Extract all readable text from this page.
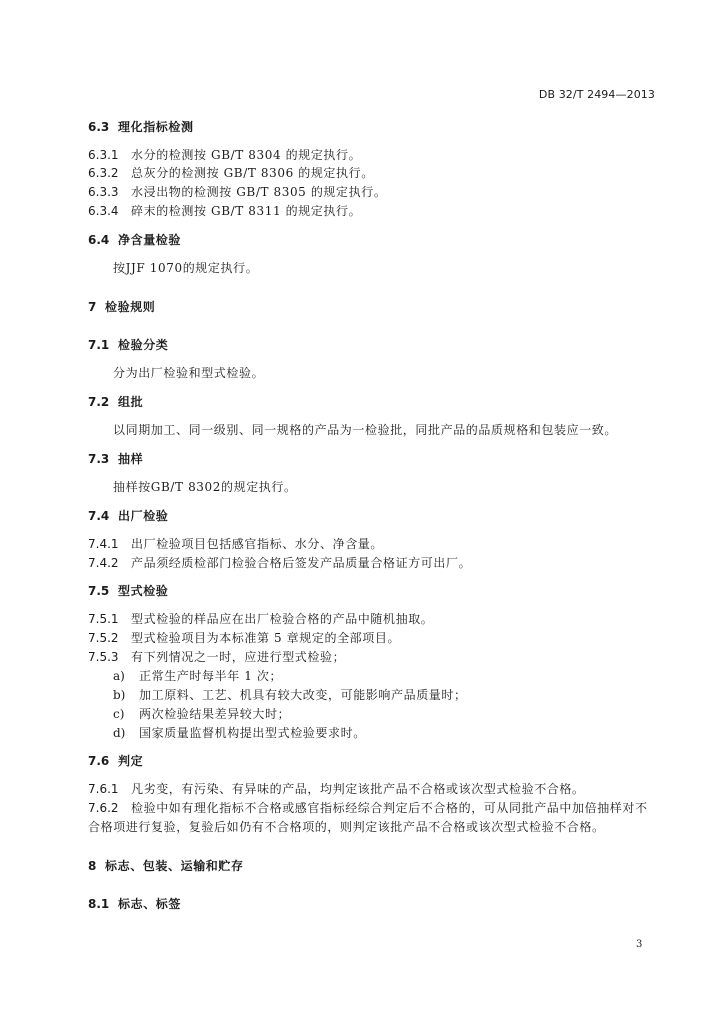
DB 32/T 2494—2013
6.3 理化指标检测
6.3.1 水分的检测按 GB/T 8304 的规定执行。
6.3.2 总灰分的检测按 GB/T 8306 的规定执行。
6.3.3 水浸出物的检测按 GB/T 8305 的规定执行。
6.3.4 碎末的检测按 GB/T 8311 的规定执行。
6.4 净含量检验
按JJF 1070的规定执行。
7 检验规则
7.1 检验分类
分为出厂检验和型式检验。
7.2 组批
以同期加工、同一级别、同一规格的产品为一检验批，同批产品的品质规格和包装应一致。
7.3 抽样
抽样按GB/T 8302的规定执行。
7.4 出厂检验
7.4.1 出厂检验项目包括感官指标、水分、净含量。
7.4.2 产品须经质检部门检验合格后签发产品质量合格证方可出厂。
7.5 型式检验
7.5.1 型式检验的样品应在出厂检验合格的产品中随机抽取。
7.5.2 型式检验项目为本标准第 5 章规定的全部项目。
7.5.3 有下列情况之一时，应进行型式检验；
a) 正常生产时每半年 1 次；
b) 加工原料、工艺、机具有较大改变，可能影响产品质量时；
c) 两次检验结果差异较大时；
d) 国家质量监督机构提出型式检验要求时。
7.6 判定
7.6.1 凡劣变，有污染、有异味的产品，均判定该批产品不合格或该次型式检验不合格。
7.6.2 检验中如有理化指标不合格或感官指标经综合判定后不合格的，可从同批产品中加倍抽样对不
合格项进行复验，复验后如仍有不合格项的，则判定该批产品不合格或该次型式检验不合格。
8 标志、包装、运输和贮存
8.1 标志、标签
3
